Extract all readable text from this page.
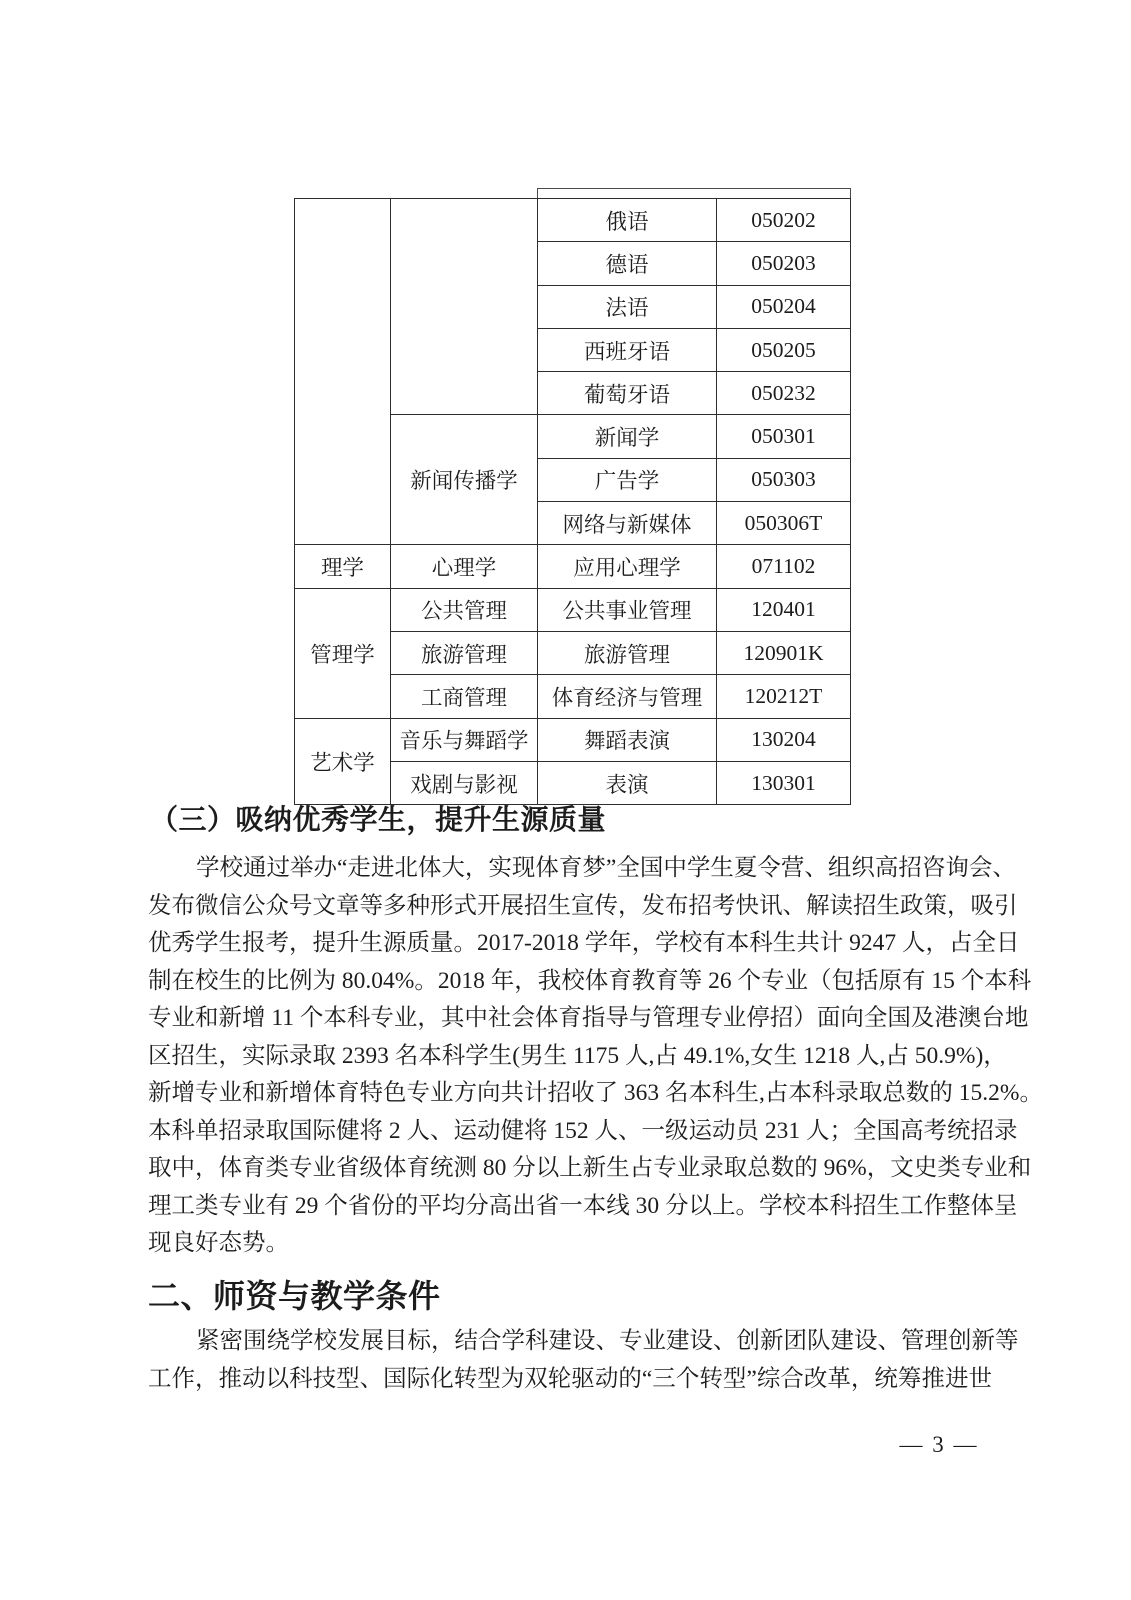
		俄语	050202
		德语	050203
		法语	050204
		西班牙语	050205
		葡萄牙语	050232
	新闻传播学	新闻学	050301
		广告学	050303
		网络与新媒体	050306T
理学	心理学	应用心理学	071102
管理学	公共管理	公共事业管理	120401
	旅游管理	旅游管理	120901K
	工商管理	体育经济与管理	120212T
艺术学	音乐与舞蹈学	舞蹈表演	130204
	戏剧与影视	表演	130301
（三）吸纳优秀学生，提升生源质量
学校通过举办“走进北体大，实现体育梦”全国中学生夏令营、组织高招咨询会、
发布微信公众号文章等多种形式开展招生宣传，发布招考快讯、解读招生政策，吸引
优秀学生报考，提升生源质量。2017-2018 学年，学校有本科生共计 9247 人，占全日
制在校生的比例为 80.04%。2018 年，我校体育教育等 26 个专业（包括原有 15 个本科
专业和新增 11 个本科专业，其中社会体育指导与管理专业停招）面向全国及港澳台地
区招生，实际录取 2393 名本科学生(男生 1175 人,占 49.1%,女生 1218 人,占 50.9%)，
新增专业和新增体育特色专业方向共计招收了 363 名本科生,占本科录取总数的 15.2%。
本科单招录取国际健将 2 人、运动健将 152 人、一级运动员 231 人；全国高考统招录
取中，体育类专业省级体育统测 80 分以上新生占专业录取总数的 96%，文史类专业和
理工类专业有 29 个省份的平均分高出省一本线 30 分以上。学校本科招生工作整体呈
现良好态势。
二、师资与教学条件
紧密围绕学校发展目标，结合学科建设、专业建设、创新团队建设、管理创新等
工作，推动以科技型、国际化转型为双轮驱动的“三个转型”综合改革，统筹推进世
— 3 —
